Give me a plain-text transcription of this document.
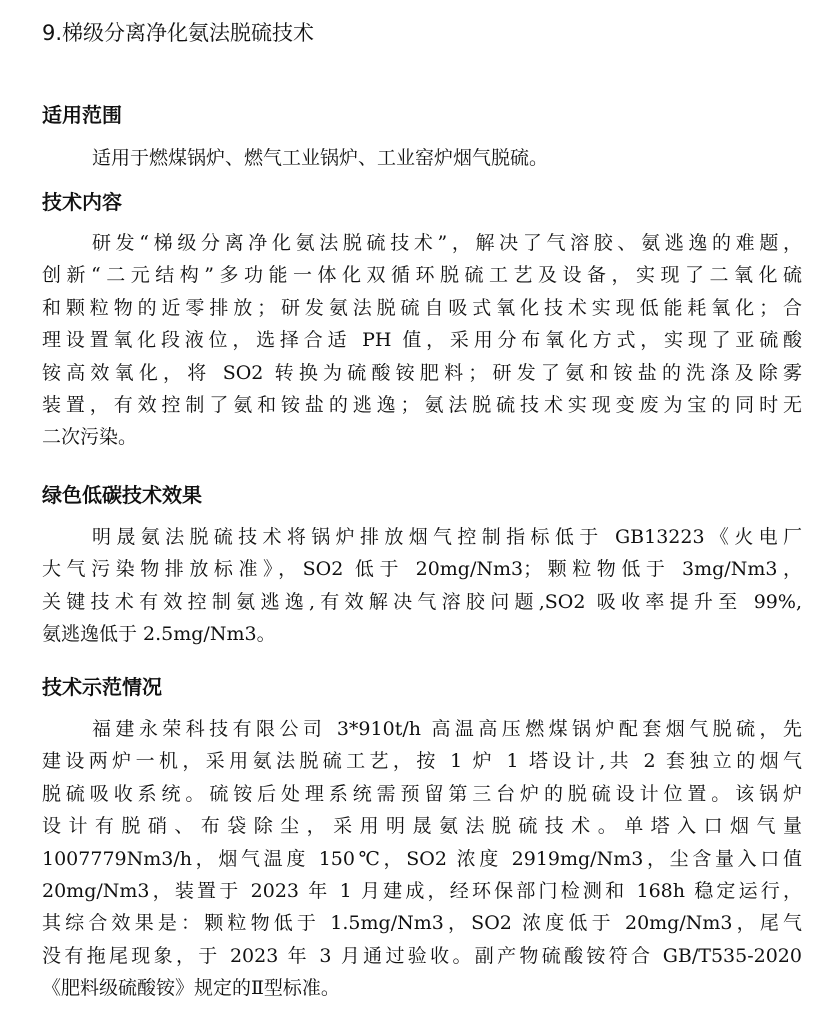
9.梯级分离净化氨法脱硫技术
适用范围
适用于燃煤锅炉、燃气工业锅炉、工业窑炉烟气脱硫。
技术内容
研发“梯级分离净化氨法脱硫技术”，解决了气溶胶、氨逃逸的难题，
创新“二元结构”多功能一体化双循环脱硫工艺及设备，实现了二氧化硫
和颗粒物的近零排放；研发氨法脱硫自吸式氧化技术实现低能耗氧化；合
理设置氧化段液位，选择合适 PH 值，采用分布氧化方式，实现了亚硫酸
铵高效氧化，将 SO2 转换为硫酸铵肥料；研发了氨和铵盐的洗涤及除雾
装置，有效控制了氨和铵盐的逃逸；氨法脱硫技术实现变废为宝的同时无
二次污染。
绿色低碳技术效果
明晟氨法脱硫技术将锅炉排放烟气控制指标低于 GB13223《火电厂
大气污染物排放标准》，SO2 低于 20mg/Nm3；颗粒物低于 3mg/Nm3，
关键技术有效控制氨逃逸,有效解决气溶胶问题,SO2 吸收率提升至 99%,
氨逃逸低于 2.5mg/Nm3。
技术示范情况
福建永荣科技有限公司 3*910t/h 高温高压燃煤锅炉配套烟气脱硫，先
建设两炉一机，采用氨法脱硫工艺，按 1 炉 1 塔设计,共 2 套独立的烟气
脱硫吸收系统。硫铵后处理系统需预留第三台炉的脱硫设计位置。该锅炉
设计有脱硝、布袋除尘，采用明晟氨法脱硫技术。单塔入口烟气量
1007779Nm3/h，烟气温度 150℃，SO2 浓度 2919mg/Nm3，尘含量入口值
20mg/Nm3，装置于 2023 年 1 月建成，经环保部门检测和 168h 稳定运行，
其综合效果是：颗粒物低于 1.5mg/Nm3，SO2 浓度低于 20mg/Nm3，尾气
没有拖尾现象，于 2023 年 3 月通过验收。副产物硫酸铵符合 GB/T535-2020
《肥料级硫酸铵》规定的Ⅱ型标准。
